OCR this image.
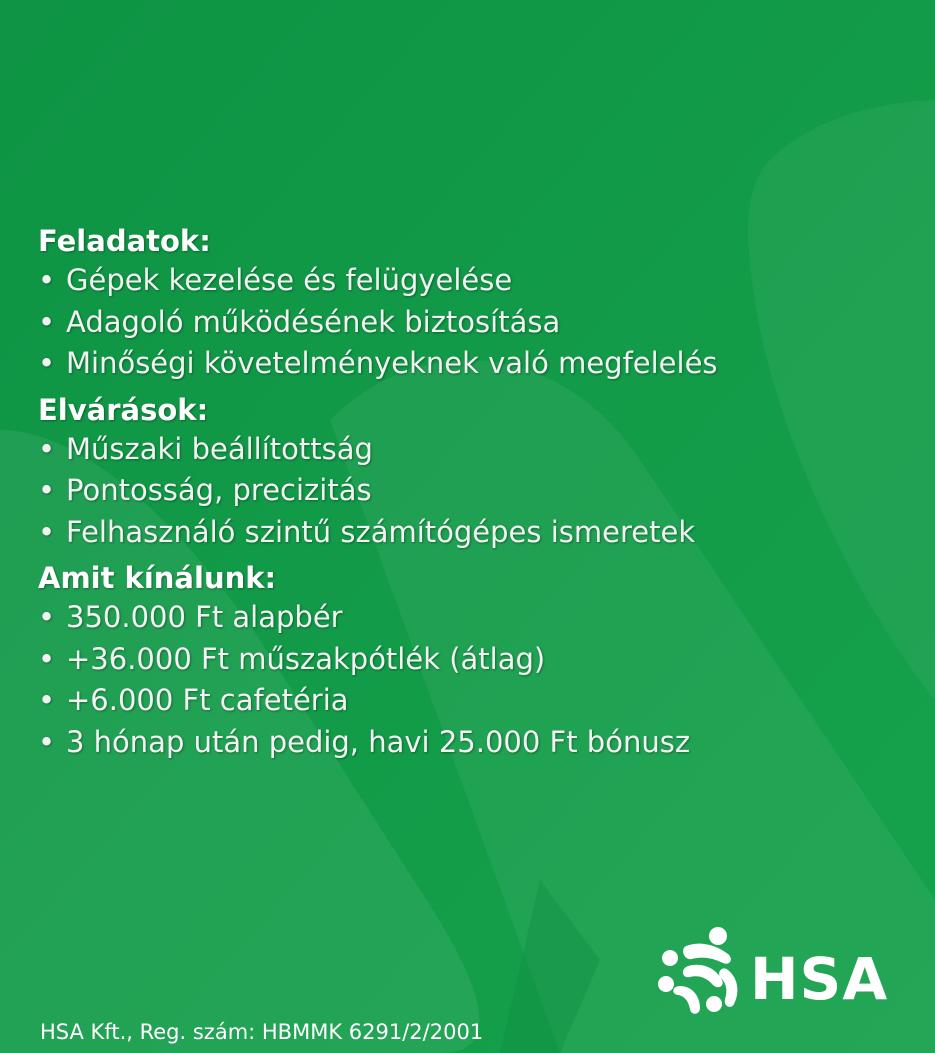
Feladatok:
• Gépek kezelése és felügyelése
• Adagoló működésének biztosítása
• Minőségi követelményeknek való megfelelés
Elvárások:
• Műszaki beállítottság
• Pontosság, precizitás
• Felhasználó szintű számítógépes ismeretek
Amit kínálunk:
• 350.000 Ft alapbér
• +36.000 Ft műszakpótlék (átlag)
• +6.000 Ft cafetéria
• 3 hónap után pedig, havi 25.000 Ft bónusz
HSA
HSA Kft., Reg. szám: HBMMK 6291/2/2001
